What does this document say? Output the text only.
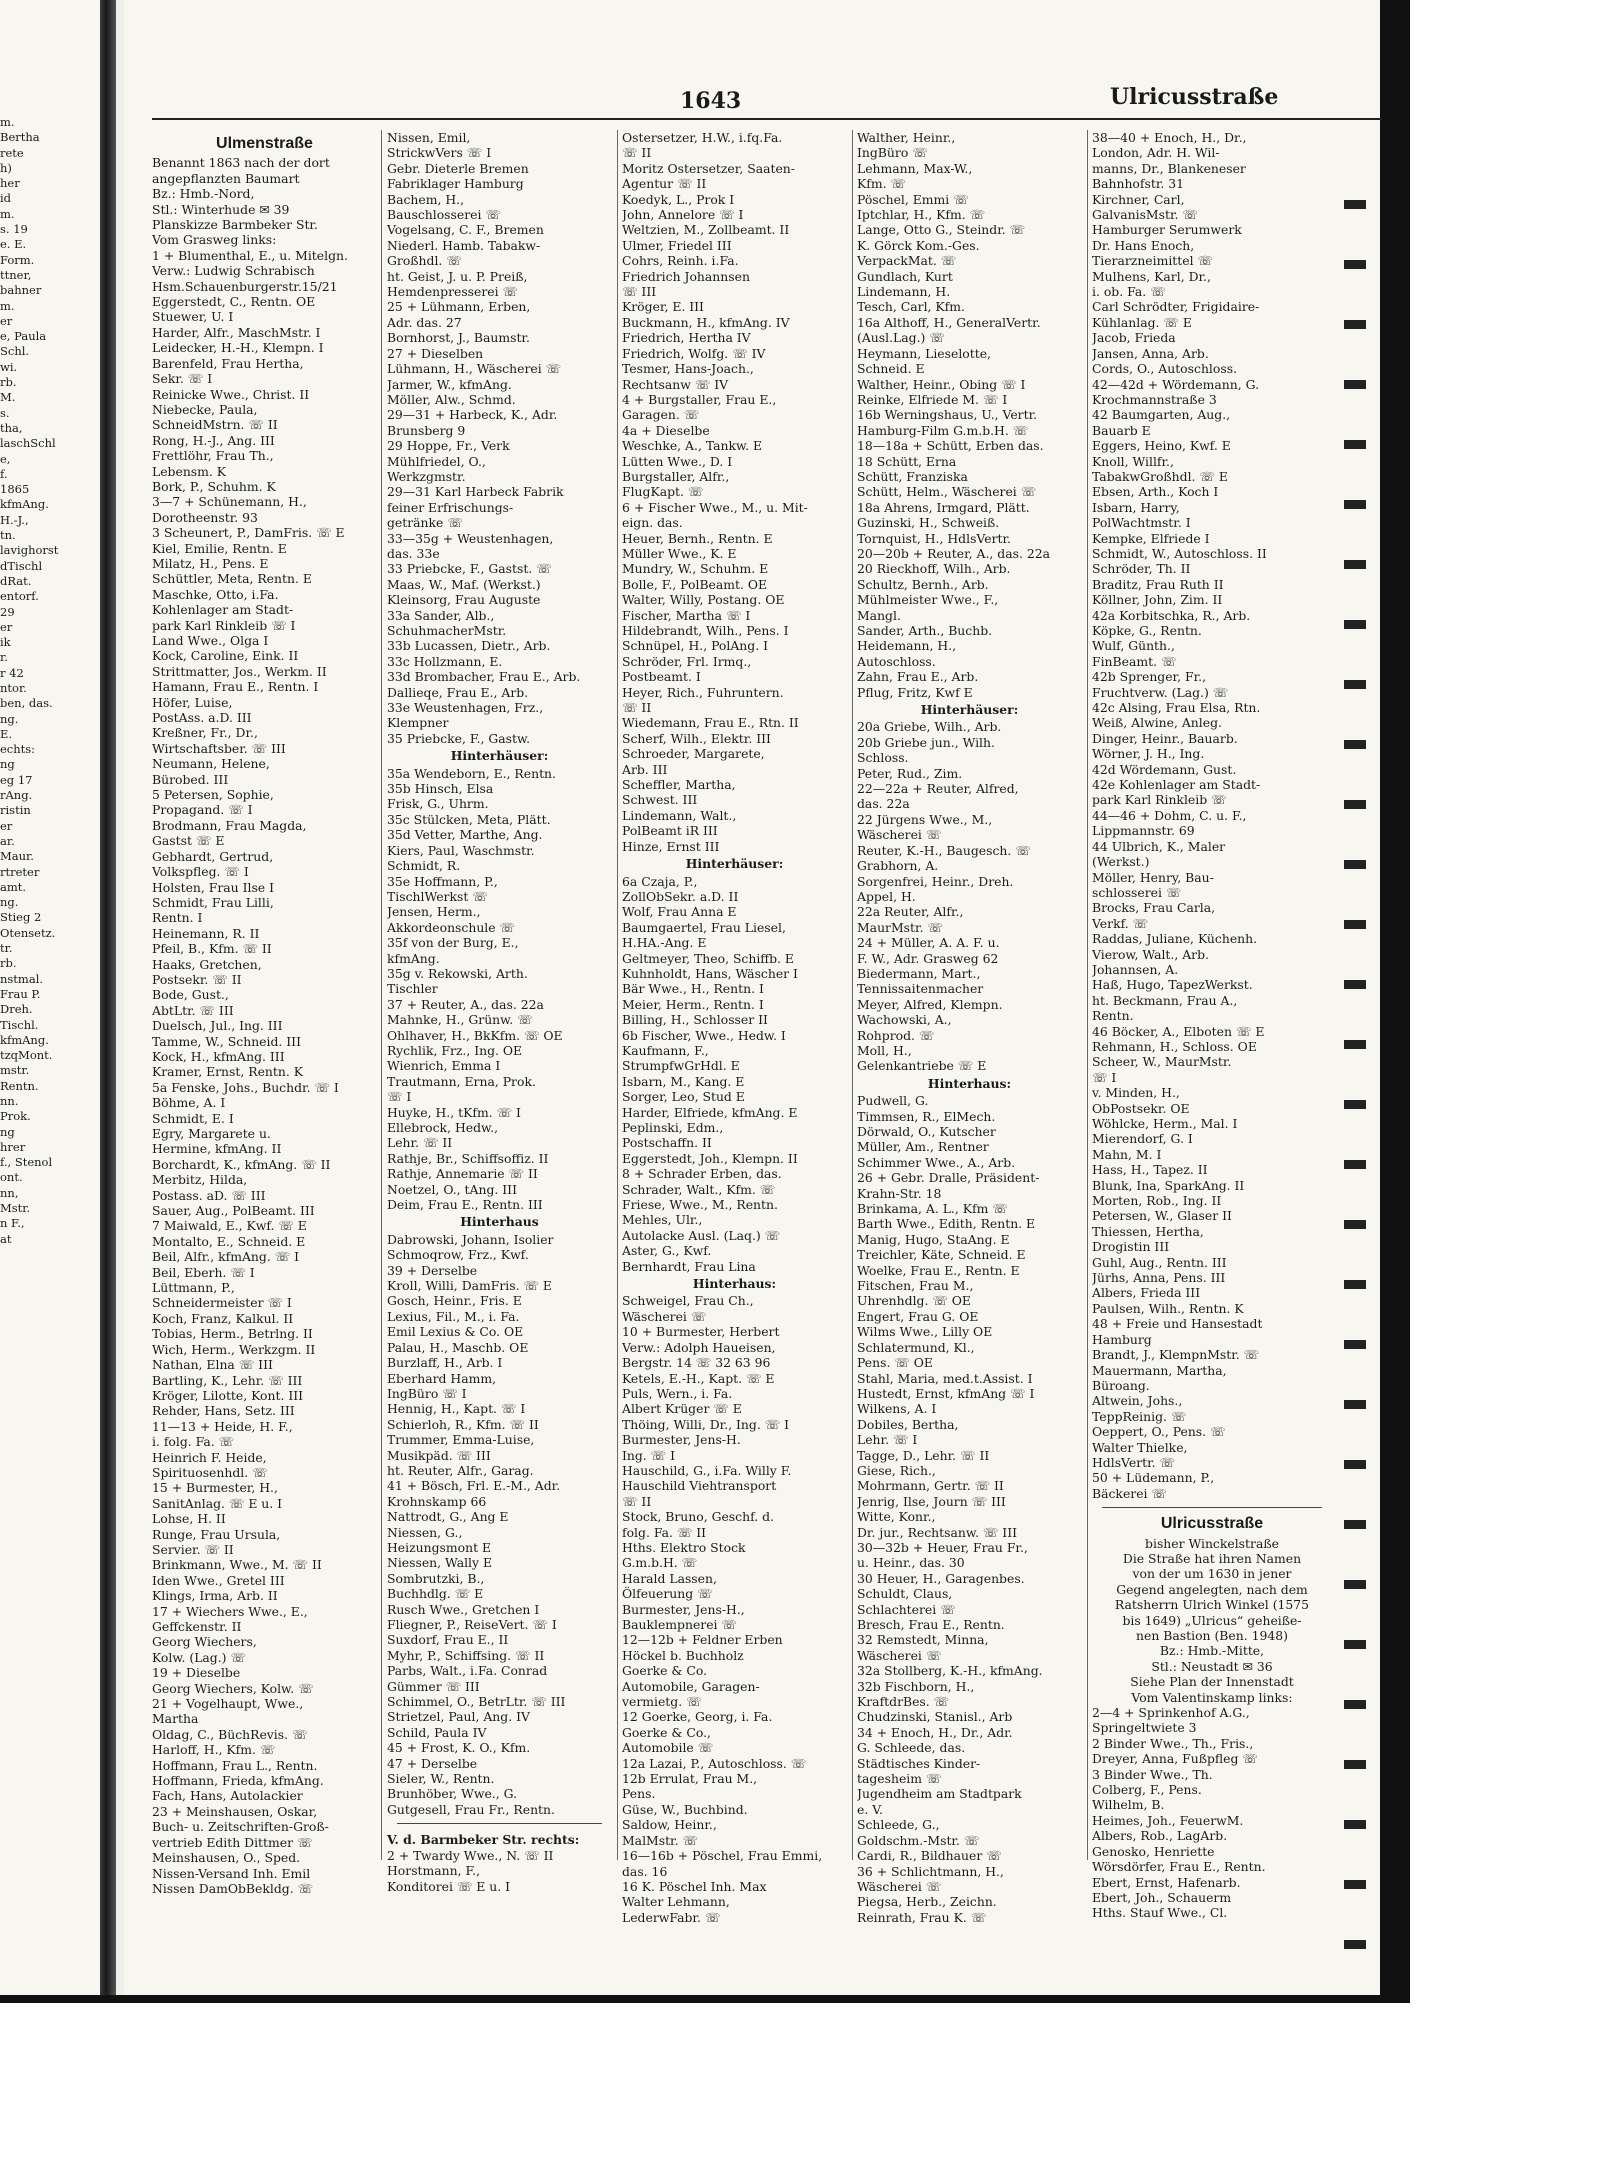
m.
Bertha
rete
h)
her
id
m.
s. 19
e. E.
Form.
ttner,
bahner
m.
er
e, Paula
Schl.
wi.
rb.
M.
s.
tha,
laschSchl
e,
f.
1865
kfmAng.
H.-J.,
tn.
lavighorst
dTischl
dRat.
entorf.
29
er
ik
r.
r 42
ntor.
ben, das.
ng.
E.
echts:
ng
eg 17
rAng.
ristin
er
ar.
Maur.
rtreter
amt.
ng.
Stieg 2
Otensetz.
tr.
rb.
nstmal.
Frau P.
Dreh.
Tischl.
kfmAng.
tzqMont.
mstr.
Rentn.
nn.
Prok.
ng
hrer
f., Stenol
ont.
nn,
Mstr.
n F.,
at
1643	Ulricusstraße
Ulmenstraße
Benannt 1863 nach der dort
angepflanzten Baumart
Bz.: Hmb.-Nord,
Stl.: Winterhude ✉ 39
Planskizze Barmbeker Str.
Vom Grasweg links:
1 + Blumenthal, E., u. Mitelgn.
Verw.: Ludwig Schrabisch
Hsm.Schauenburgerstr.15/21
Eggerstedt, C., Rentn. OE
Stuewer, U. I
Harder, Alfr., MaschMstr. I
Leidecker, H.-H., Klempn. I
Barenfeld, Frau Hertha,
Sekr. ☏ I
Reinicke Wwe., Christ. II
Niebecke, Paula,
SchneidMstrn. ☏ II
Rong, H.-J., Ang. III
Frettlöhr, Frau Th.,
Lebensm. K
Bork, P., Schuhm. K
3—7 + Schünemann, H.,
Dorotheenstr. 93
3 Scheunert, P., DamFris. ☏ E
Kiel, Emilie, Rentn. E
Milatz, H., Pens. E
Schüttler, Meta, Rentn. E
Maschke, Otto, i.Fa.
Kohlenlager am Stadt-
park Karl Rinkleib ☏ I
Land Wwe., Olga I
Kock, Caroline, Eink. II
Strittmatter, Jos., Werkm. II
Hamann, Frau E., Rentn. I
Höfer, Luise,
PostAss. a.D. III
Kreßner, Fr., Dr.,
Wirtschaftsber. ☏ III
Neumann, Helene,
Bürobed. III
5 Petersen, Sophie,
Propagand. ☏ I
Brodmann, Frau Magda,
Gastst ☏ E
Gebhardt, Gertrud,
Volkspfleg. ☏ I
Holsten, Frau Ilse I
Schmidt, Frau Lilli,
Rentn. I
Heinemann, R. II
Pfeil, B., Kfm. ☏ II
Haaks, Gretchen,
Postsekr. ☏ II
Bode, Gust.,
AbtLtr. ☏ III
Duelsch, Jul., Ing. III
Tamme, W., Schneid. III
Kock, H., kfmAng. III
Kramer, Ernst, Rentn. K
5a Fenske, Johs., Buchdr. ☏ I
Böhme, A. I
Schmidt, E. I
Egry, Margarete u.
Hermine, kfmAng. II
Borchardt, K., kfmAng. ☏ II
Merbitz, Hilda,
Postass. aD. ☏ III
Sauer, Aug., PolBeamt. III
7 Maiwald, E., Kwf. ☏ E
Montalto, E., Schneid. E
Beil, Alfr., kfmAng. ☏ I
Beil, Eberh. ☏ I
Lüttmann, P.,
Schneidermeister ☏ I
Koch, Franz, Kalkul. II
Tobias, Herm., Betrlng. II
Wich, Herm., Werkzgm. II
Nathan, Elna ☏ III
Bartling, K., Lehr. ☏ III
Kröger, Lilotte, Kont. III
Rehder, Hans, Setz. III
11—13 + Heide, H. F.,
i. folg. Fa. ☏
Heinrich F. Heide,
Spirituosenhdl. ☏
15 + Burmester, H.,
SanitAnlag. ☏ E u. I
Lohse, H. II
Runge, Frau Ursula,
Servier. ☏ II
Brinkmann, Wwe., M. ☏ II
Iden Wwe., Gretel III
Klings, Irma, Arb. II
17 + Wiechers Wwe., E.,
Geffckenstr. II
Georg Wiechers,
Kolw. (Lag.) ☏
19 + Dieselbe
Georg Wiechers, Kolw. ☏
21 + Vogelhaupt, Wwe.,
Martha
Oldag, C., BüchRevis. ☏
Harloff, H., Kfm. ☏
Hoffmann, Frau L., Rentn.
Hoffmann, Frieda, kfmAng.
Fach, Hans, Autolackier
23 + Meinshausen, Oskar,
Buch- u. Zeitschriften-Groß-
vertrieb Edith Dittmer ☏
Meinshausen, O., Sped.
Nissen-Versand Inh. Emil
Nissen DamObBekldg. ☏
Nissen, Emil,
StrickwVers ☏ I
Gebr. Dieterle Bremen
Fabriklager Hamburg
Bachem, H.,
Bauschlosserei ☏
Vogelsang, C. F., Bremen
Niederl. Hamb. Tabakw-
Großhdl. ☏
ht. Geist, J. u. P. Preiß,
Hemdenpresserei ☏
25 + Lühmann, Erben,
Adr. das. 27
Bornhorst, J., Baumstr.
27 + Dieselben
Lühmann, H., Wäscherei ☏
Jarmer, W., kfmAng.
Möller, Alw., Schmd.
29—31 + Harbeck, K., Adr.
Brunsberg 9
29 Hoppe, Fr., Verk
Mühlfriedel, O.,
Werkzgmstr.
29—31 Karl Harbeck Fabrik
feiner Erfrischungs-
getränke ☏
33—35g + Weustenhagen,
das. 33e
33 Priebcke, F., Gastst. ☏
Maas, W., Maf. (Werkst.)
Kleinsorg, Frau Auguste
33a Sander, Alb.,
SchuhmacherMstr.
33b Lucassen, Dietr., Arb.
33c Hollzmann, E.
33d Brombacher, Frau E., Arb.
Dallieqe, Frau E., Arb.
33e Weustenhagen, Frz.,
Klempner
35 Priebcke, F., Gastw.
Hinterhäuser:
35a Wendeborn, E., Rentn.
35b Hinsch, Elsa
Frisk, G., Uhrm.
35c Stülcken, Meta, Plätt.
35d Vetter, Marthe, Ang.
Kiers, Paul, Waschmstr.
Schmidt, R.
35e Hoffmann, P.,
TischlWerkst ☏
Jensen, Herm.,
Akkordeonschule ☏
35f von der Burg, E.,
kfmAng.
35g v. Rekowski, Arth.
Tischler
37 + Reuter, A., das. 22a
Mahnke, H., Grünw. ☏
Ohlhaver, H., BkKfm. ☏ OE
Rychlik, Frz., Ing. OE
Wienrich, Emma I
Trautmann, Erna, Prok.
☏ I
Huyke, H., tKfm. ☏ I
Ellebrock, Hedw.,
Lehr. ☏ II
Rathje, Br., Schiffsoffiz. II
Rathje, Annemarie ☏ II
Noetzel, O., tAng. III
Deim, Frau E., Rentn. III
Hinterhaus
Dabrowski, Johann, Isolier
Schmoqrow, Frz., Kwf.
39 + Derselbe
Kroll, Willi, DamFris. ☏ E
Gosch, Heinr., Fris. E
Lexius, Fil., M., i. Fa.
Emil Lexius & Co. OE
Palau, H., Maschb. OE
Burzlaff, H., Arb. I
Eberhard Hamm,
IngBüro ☏ I
Hennig, H., Kapt. ☏ I
Schierloh, R., Kfm. ☏ II
Trummer, Emma-Luise,
Musikpäd. ☏ III
ht. Reuter, Alfr., Garag.
41 + Bösch, Frl. E.-M., Adr.
Krohnskamp 66
Nattrodt, G., Ang E
Niessen, G.,
Heizungsmont E
Niessen, Wally E
Sombrutzki, B.,
Buchhdlg. ☏ E
Rusch Wwe., Gretchen I
Fliegner, P., ReiseVert. ☏ I
Suxdorf, Frau E., II
Myhr, P., Schiffsing. ☏ II
Parbs, Walt., i.Fa. Conrad
Gümmer ☏ III
Schimmel, O., BetrLtr. ☏ III
Strietzel, Paul, Ang. IV
Schild, Paula IV
45 + Frost, K. O., Kfm.
47 + Derselbe
Sieler, W., Rentn.
Brunhöber, Wwe., G.
Gutgesell, Frau Fr., Rentn.
V. d. Barmbeker Str. rechts:
2 + Twardy Wwe., N. ☏ II
Horstmann, F.,
Konditorei ☏ E u. I
Ostersetzer, H.W., i.fq.Fa.
☏ II
Moritz Ostersetzer, Saaten-
Agentur ☏ II
Koedyk, L., Prok I
John, Annelore ☏ I
Weltzien, M., Zollbeamt. II
Ulmer, Friedel III
Cohrs, Reinh. i.Fa.
Friedrich Johannsen
☏ III
Kröger, E. III
Buckmann, H., kfmAng. IV
Friedrich, Hertha IV
Friedrich, Wolfg. ☏ IV
Tesmer, Hans-Joach.,
Rechtsanw ☏ IV
4 + Burgstaller, Frau E.,
Garagen. ☏
4a + Dieselbe
Weschke, A., Tankw. E
Lütten Wwe., D. I
Burgstaller, Alfr.,
FlugKapt. ☏
6 + Fischer Wwe., M., u. Mit-
eign. das.
Heuer, Bernh., Rentn. E
Müller Wwe., K. E
Mundry, W., Schuhm. E
Bolle, F., PolBeamt. OE
Walter, Willy, Postang. OE
Fischer, Martha ☏ I
Hildebrandt, Wilh., Pens. I
Schnüpel, H., PolAng. I
Schröder, Frl. Irmq.,
Postbeamt. I
Heyer, Rich., Fuhruntern.
☏ II
Wiedemann, Frau E., Rtn. II
Scherf, Wilh., Elektr. III
Schroeder, Margarete,
Arb. III
Scheffler, Martha,
Schwest. III
Lindemann, Walt.,
PolBeamt iR III
Hinze, Ernst III
Hinterhäuser:
6a Czaja, P.,
ZollObSekr. a.D. II
Wolf, Frau Anna E
Baumgaertel, Frau Liesel,
H.HA.-Ang. E
Geltmeyer, Theo, Schiffb. E
Kuhnholdt, Hans, Wäscher I
Bär Wwe., H., Rentn. I
Meier, Herm., Rentn. I
Billing, H., Schlosser II
6b Fischer, Wwe., Hedw. I
Kaufmann, F.,
StrumpfwGrHdl. E
Isbarn, M., Kang. E
Sorger, Leo, Stud E
Harder, Elfriede, kfmAng. E
Peplinski, Edm.,
Postschaffn. II
Eggerstedt, Joh., Klempn. II
8 + Schrader Erben, das.
Schrader, Walt., Kfm. ☏
Friese, Wwe., M., Rentn.
Mehles, Ulr.,
Autolacke Ausl. (Laq.) ☏
Aster, G., Kwf.
Bernhardt, Frau Lina
Hinterhaus:
Schweigel, Frau Ch.,
Wäscherei ☏
10 + Burmester, Herbert
Verw.: Adolph Haueisen,
Bergstr. 14 ☏ 32 63 96
Ketels, E.-H., Kapt. ☏ E
Puls, Wern., i. Fa.
Albert Krüger ☏ E
Thöing, Willi, Dr., Ing. ☏ I
Burmester, Jens-H.
Ing. ☏ I
Hauschild, G., i.Fa. Willy F.
Hauschild Viehtransport
☏ II
Stock, Bruno, Geschf. d.
folg. Fa. ☏ II
Hths. Elektro Stock
G.m.b.H. ☏
Harald Lassen,
Ölfeuerung ☏
Burmester, Jens-H.,
Bauklempnerei ☏
12—12b + Feldner Erben
Höckel b. Buchholz
Goerke & Co.
Automobile, Garagen-
vermietg. ☏
12 Goerke, Georg, i. Fa.
Goerke & Co.,
Automobile ☏
12a Lazai, P., Autoschloss. ☏
12b Errulat, Frau M.,
Pens.
Güse, W., Buchbind.
Saldow, Heinr.,
MalMstr. ☏
16—16b + Pöschel, Frau Emmi,
das. 16
16 K. Pöschel Inh. Max
Walter Lehmann,
LederwFabr. ☏
Walther, Heinr.,
IngBüro ☏
Lehmann, Max-W.,
Kfm. ☏
Pöschel, Emmi ☏
Iptchlar, H., Kfm. ☏
Lange, Otto G., Steindr. ☏
K. Görck Kom.-Ges.
VerpackMat. ☏
Gundlach, Kurt
Lindemann, H.
Tesch, Carl, Kfm.
16a Althoff, H., GeneralVertr.
(Ausl.Lag.) ☏
Heymann, Lieselotte,
Schneid. E
Walther, Heinr., Obing ☏ I
Reinke, Elfriede M. ☏ I
16b Werningshaus, U., Vertr.
Hamburg-Film G.m.b.H. ☏
18—18a + Schütt, Erben das.
18 Schütt, Erna
Schütt, Franziska
Schütt, Helm., Wäscherei ☏
18a Ahrens, Irmgard, Plätt.
Guzinski, H., Schweiß.
Tornquist, H., HdlsVertr.
20—20b + Reuter, A., das. 22a
20 Rieckhoff, Wilh., Arb.
Schultz, Bernh., Arb.
Mühlmeister Wwe., F.,
Mangl.
Sander, Arth., Buchb.
Heidemann, H.,
Autoschloss.
Zahn, Frau E., Arb.
Pflug, Fritz, Kwf E
Hinterhäuser:
20a Griebe, Wilh., Arb.
20b Griebe jun., Wilh.
Schloss.
Peter, Rud., Zim.
22—22a + Reuter, Alfred,
das. 22a
22 Jürgens Wwe., M.,
Wäscherei ☏
Reuter, K.-H., Baugesch. ☏
Grabhorn, A.
Sorgenfrei, Heinr., Dreh.
Appel, H.
22a Reuter, Alfr.,
MaurMstr. ☏
24 + Müller, A. A. F. u.
F. W., Adr. Grasweg 62
Biedermann, Mart.,
Tennissaitenmacher
Meyer, Alfred, Klempn.
Wachowski, A.,
Rohprod. ☏
Moll, H.,
Gelenkantriebe ☏ E
Hinterhaus:
Pudwell, G.
Timmsen, R., ElMech.
Dörwald, O., Kutscher
Müller, Am., Rentner
Schimmer Wwe., A., Arb.
26 + Gebr. Dralle, Präsident-
Krahn-Str. 18
Brinkama, A. L., Kfm ☏
Barth Wwe., Edith, Rentn. E
Manig, Hugo, StaAng. E
Treichler, Käte, Schneid. E
Woelke, Frau E., Rentn. E
Fitschen, Frau M.,
Uhrenhdlg. ☏ OE
Engert, Frau G. OE
Wilms Wwe., Lilly OE
Schlatermund, Kl.,
Pens. ☏ OE
Stahl, Maria, med.t.Assist. I
Hustedt, Ernst, kfmAng ☏ I
Wilkens, A. I
Dobiles, Bertha,
Lehr. ☏ I
Tagge, D., Lehr. ☏ II
Giese, Rich.,
Mohrmann, Gertr. ☏ II
Jenrig, Ilse, Journ ☏ III
Witte, Konr.,
Dr. jur., Rechtsanw. ☏ III
30—32b + Heuer, Frau Fr.,
u. Heinr., das. 30
30 Heuer, H., Garagenbes.
Schuldt, Claus,
Schlachterei ☏
Bresch, Frau E., Rentn.
32 Remstedt, Minna,
Wäscherei ☏
32a Stollberg, K.-H., kfmAng.
32b Fischborn, H.,
KraftdrBes. ☏
Chudzinski, Stanisl., Arb
34 + Enoch, H., Dr., Adr.
G. Schleede, das.
Städtisches Kinder-
tagesheim ☏
Jugendheim am Stadtpark
e. V.
Schleede, G.,
Goldschm.-Mstr. ☏
Cardi, R., Bildhauer ☏
36 + Schlichtmann, H.,
Wäscherei ☏
Piegsa, Herb., Zeichn.
Reinrath, Frau K. ☏
38—40 + Enoch, H., Dr.,
London, Adr. H. Wil-
manns, Dr., Blankeneser
Bahnhofstr. 31
Kirchner, Carl,
GalvanisMstr. ☏
Hamburger Serumwerk
Dr. Hans Enoch,
Tierarzneimittel ☏
Mulhens, Karl, Dr.,
i. ob. Fa. ☏
Carl Schrödter, Frigidaire-
Kühlanlag. ☏ E
Jacob, Frieda
Jansen, Anna, Arb.
Cords, O., Autoschloss.
42—42d + Wördemann, G.
Krochmannstraße 3
42 Baumgarten, Aug.,
Bauarb E
Eggers, Heino, Kwf. E
Knoll, Willfr.,
TabakwGroßhdl. ☏ E
Ebsen, Arth., Koch I
Isbarn, Harry,
PolWachtmstr. I
Kempke, Elfriede I
Schmidt, W., Autoschloss. II
Schröder, Th. II
Braditz, Frau Ruth II
Köllner, John, Zim. II
42a Korbitschka, R., Arb.
Köpke, G., Rentn.
Wulf, Günth.,
FinBeamt. ☏
42b Sprenger, Fr.,
Fruchtverw. (Lag.) ☏
42c Alsing, Frau Elsa, Rtn.
Weiß, Alwine, Anleg.
Dinger, Heinr., Bauarb.
Wörner, J. H., Ing.
42d Wördemann, Gust.
42e Kohlenlager am Stadt-
park Karl Rinkleib ☏
44—46 + Dohm, C. u. F.,
Lippmannstr. 69
44 Ulbrich, K., Maler
(Werkst.)
Möller, Henry, Bau-
schlosserei ☏
Brocks, Frau Carla,
Verkf. ☏
Raddas, Juliane, Küchenh.
Vierow, Walt., Arb.
Johannsen, A.
Haß, Hugo, TapezWerkst.
ht. Beckmann, Frau A.,
Rentn.
46 Böcker, A., Elboten ☏ E
Rehmann, H., Schloss. OE
Scheer, W., MaurMstr.
☏ I
v. Minden, H.,
ObPostsekr. OE
Wöhlcke, Herm., Mal. I
Mierendorf, G. I
Mahn, M. I
Hass, H., Tapez. II
Blunk, Ina, SparkAng. II
Morten, Rob., Ing. II
Petersen, W., Glaser II
Thiessen, Hertha,
Drogistin III
Guhl, Aug., Rentn. III
Jürhs, Anna, Pens. III
Albers, Frieda III
Paulsen, Wilh., Rentn. K
48 + Freie und Hansestadt
Hamburg
Brandt, J., KlempnMstr. ☏
Mauermann, Martha,
Büroang.
Altwein, Johs.,
TeppReinig. ☏
Oeppert, O., Pens. ☏
Walter Thielke,
HdlsVertr. ☏
50 + Lüdemann, P.,
Bäckerei ☏
Ulricusstraße
bisher Winckelstraße
Die Straße hat ihren Namen
von der um 1630 in jener
Gegend angelegten, nach dem
Ratsherrn Ulrich Winkel (1575
bis 1649) „Ulricus“ geheiße-
nen Bastion (Ben. 1948)
Bz.: Hmb.-Mitte,
Stl.: Neustadt ✉ 36
Siehe Plan der Innenstadt
Vom Valentinskamp links:
2—4 + Sprinkenhof A.G.,
Springeltwiete 3
2 Binder Wwe., Th., Fris.,
Dreyer, Anna, Fußpfleg ☏
3 Binder Wwe., Th.
Colberg, F., Pens.
Wilhelm, B.
Heimes, Joh., FeuerwM.
Albers, Rob., LagArb.
Genosko, Henriette
Wörsdörfer, Frau E., Rentn.
Ebert, Ernst, Hafenarb.
Ebert, Joh., Schauerm
Hths. Stauf Wwe., Cl.
